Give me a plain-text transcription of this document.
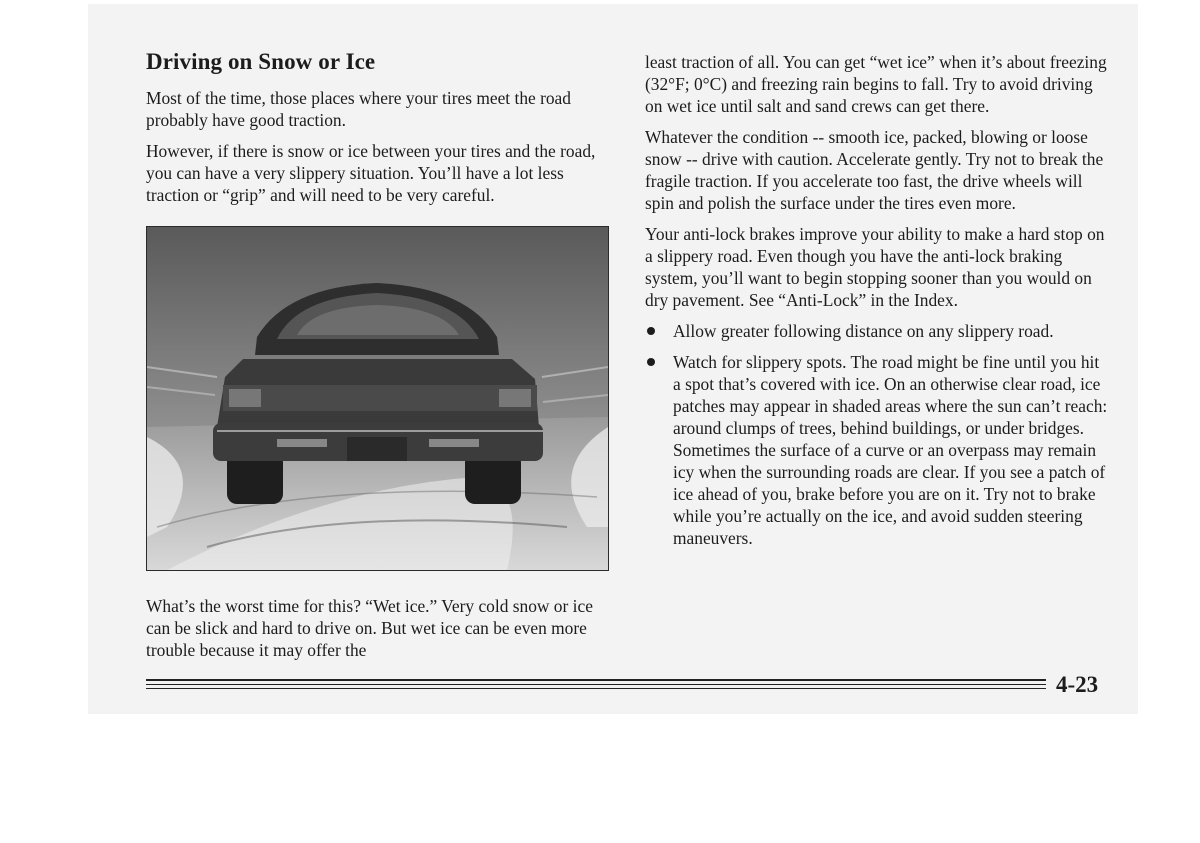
Driving on Snow or Ice

Most of the time, those places where your tires meet the road probably have good traction.

However, if there is snow or ice between your tires and the road, you can have a very slippery situation. You’ll have a lot less traction or “grip” and will need to be very careful.

What’s the worst time for this? “Wet ice.” Very cold snow or ice can be slick and hard to drive on. But wet ice can be even more trouble because it may offer the

least traction of all. You can get “wet ice” when it’s about freezing (32°F; 0°C) and freezing rain begins to fall. Try to avoid driving on wet ice until salt and sand crews can get there.

Whatever the condition -- smooth ice, packed, blowing or loose snow -- drive with caution. Accelerate gently. Try not to break the fragile traction. If you accelerate too fast, the drive wheels will spin and polish the surface under the tires even more.

Your anti-lock brakes improve your ability to make a hard stop on a slippery road. Even though you have the anti-lock braking system, you’ll want to begin stopping sooner than you would on dry pavement. See “Anti-Lock” in the Index.

Allow greater following distance on any slippery road.
Watch for slippery spots. The road might be fine until you hit a spot that’s covered with ice. On an otherwise clear road, ice patches may appear in shaded areas where the sun can’t reach: around clumps of trees, behind buildings, or under bridges. Sometimes the surface of a curve or an overpass may remain icy when the surrounding roads are clear. If you see a patch of ice ahead of you, brake before you are on it. Try not to brake while you’re actually on the ice, and avoid sudden steering maneuvers.
4-23
